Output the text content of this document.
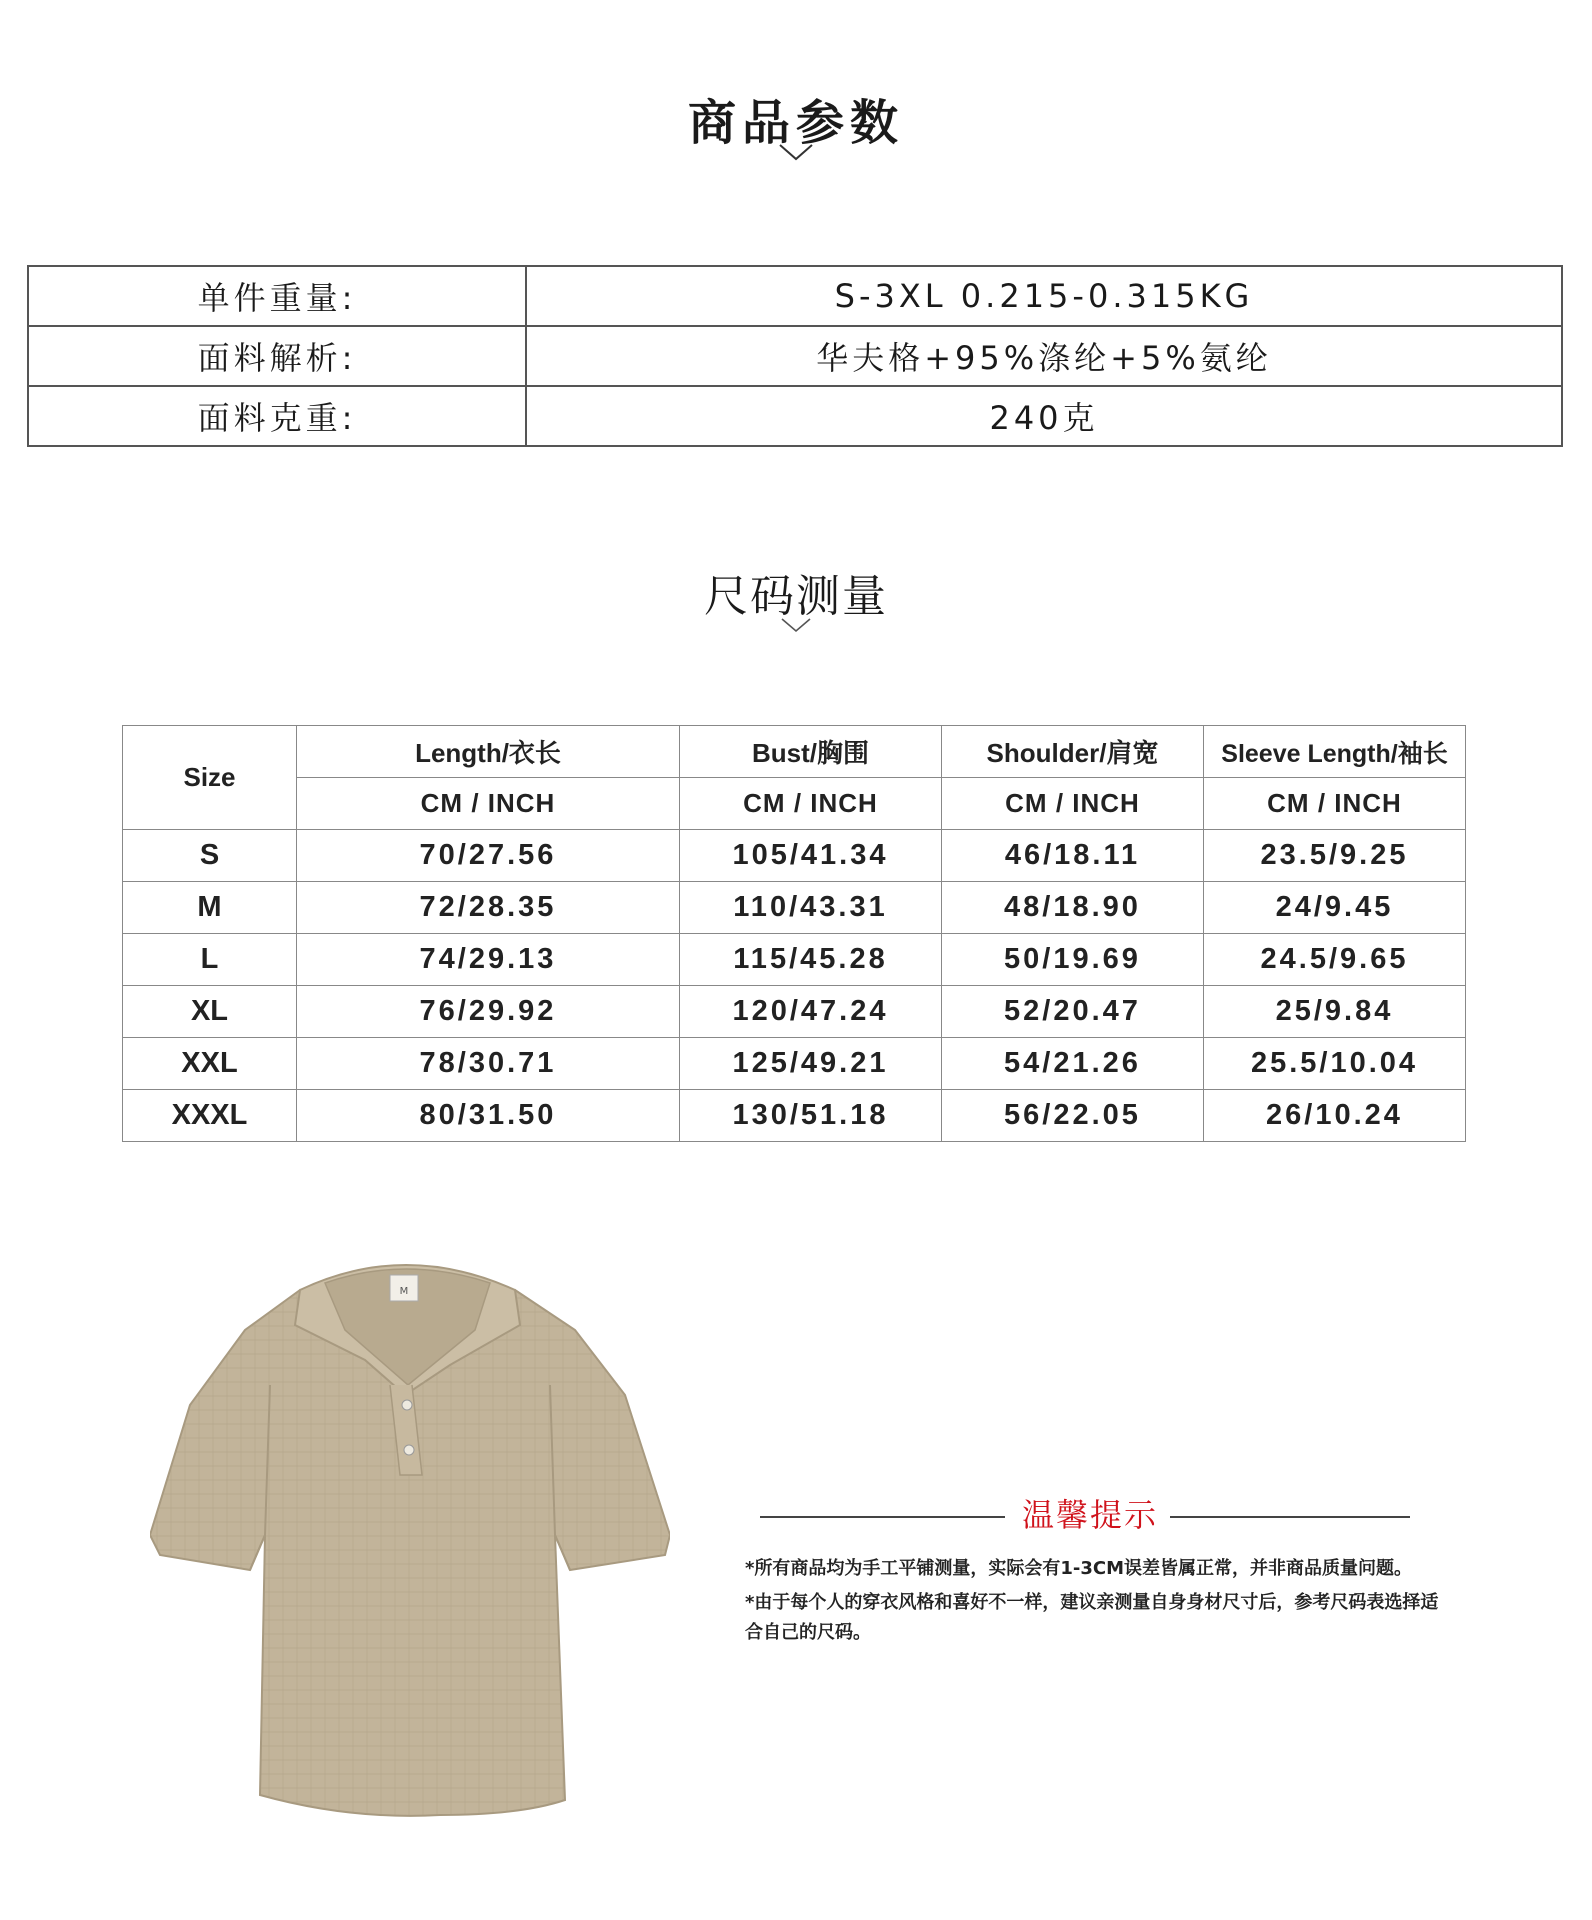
商品参数
单件重量:	S-3XL 0.215-0.315KG
面料解析:	华夫格+95%涤纶+5%氨纶
面料克重:	240克
尺码测量
Size	Length/衣长	Bust/胸围	Shoulder/肩宽	Sleeve Length/袖长
	CM / INCH	CM / INCH	CM / INCH	CM / INCH
S	70/27.56	105/41.34	46/18.11	23.5/9.25
M	72/28.35	110/43.31	48/18.90	24/9.45
L	74/29.13	115/45.28	50/19.69	24.5/9.65
XL	76/29.92	120/47.24	52/20.47	25/9.84
XXL	78/30.71	125/49.21	54/21.26	25.5/10.04
XXXL	80/31.50	130/51.18	56/22.05	26/10.24
M
温馨提示
*所有商品均为手工平铺测量，实际会有1-3CM误差皆属正常，并非商品质量问题。
*由于每个人的穿衣风格和喜好不一样，建议亲测量自身身材尺寸后，参考尺码表选择适合自己的尺码。
